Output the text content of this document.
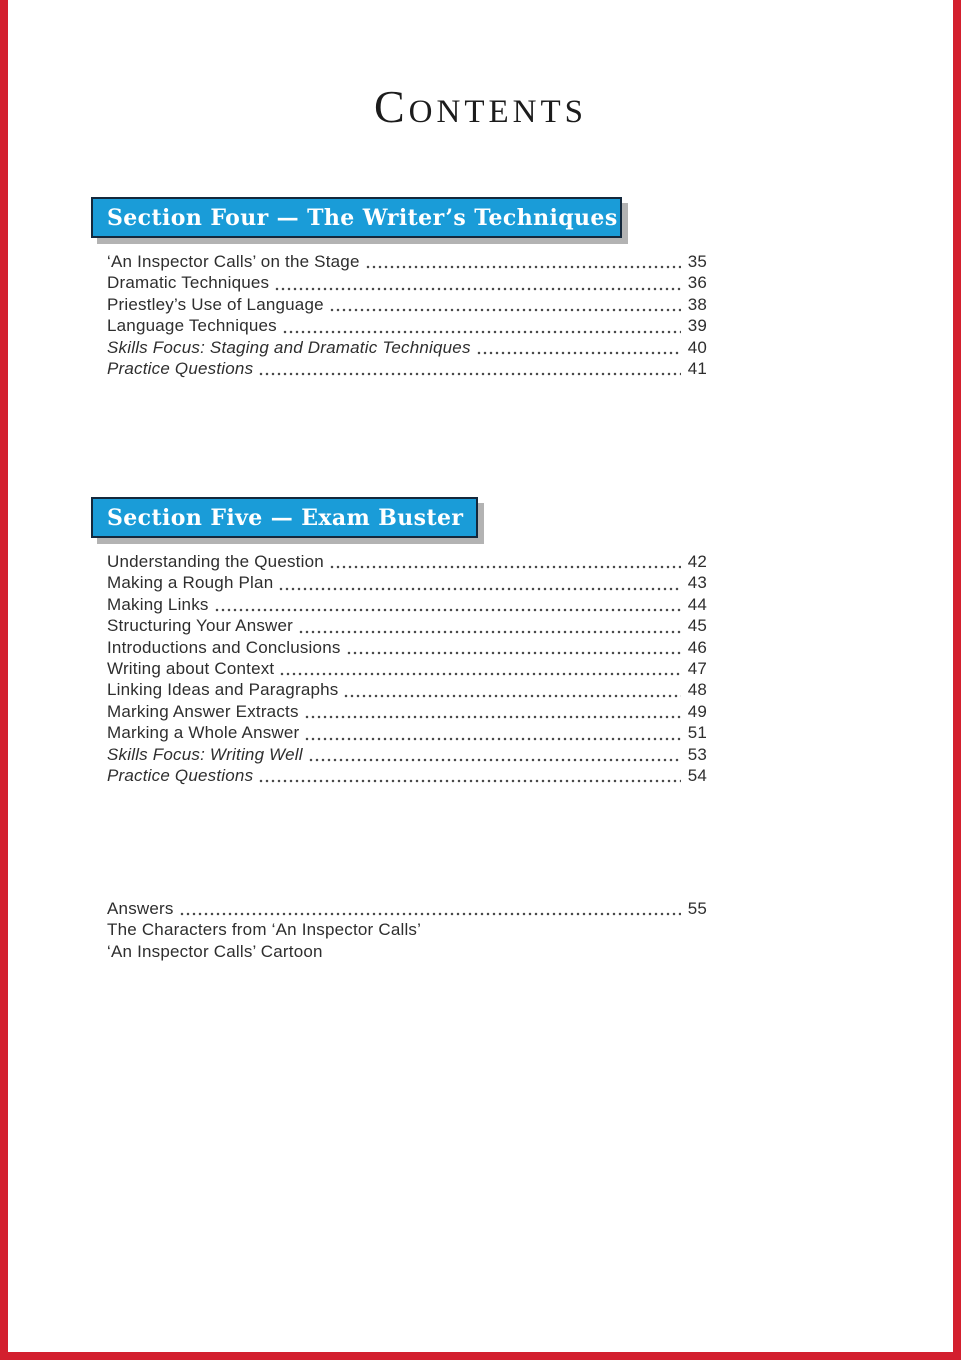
CONTENTS
Section Four — The Writer’s Techniques
‘An Inspector Calls’ on the Stage	35
Dramatic Techniques	36
Priestley’s Use of Language	38
Language Techniques	39
Skills Focus: Staging and Dramatic Techniques	40
Practice Questions	41
Section Five — Exam Buster
Understanding the Question	42
Making a Rough Plan	43
Making Links	44
Structuring Your Answer	45
Introductions and Conclusions	46
Writing about Context	47
Linking Ideas and Paragraphs	48
Marking Answer Extracts	49
Marking a Whole Answer	51
Skills Focus: Writing Well	53
Practice Questions	54
Answers	55
The Characters from ‘An Inspector Calls’
‘An Inspector Calls’ Cartoon
